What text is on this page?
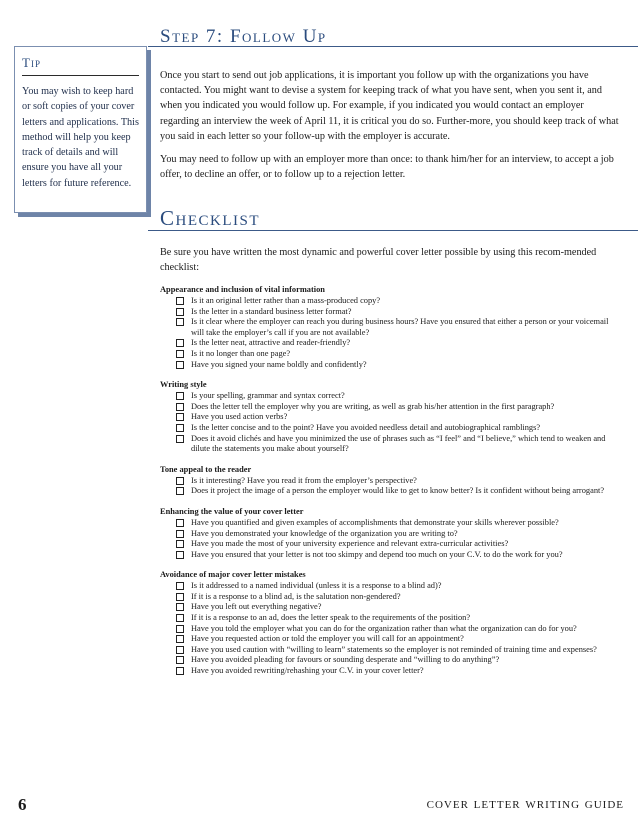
Step 7: Follow Up
Tip
You may wish to keep hard or soft copies of your cover letters and applications. This method will help you keep track of details and will ensure you have all your letters for future reference.

Once you start to send out job applications, it is important you follow up with the organizations you have contacted. You might want to devise a system for keeping track of what you have sent, when you sent it, and when you indicated you would follow up. For example, if you indicated you would contact an employer regarding an interview the week of April 11, it is critical you do so. Further-more, you should keep track of what you said in each letter so your follow-up with the employer is accurate.

You may need to follow up with an employer more than once: to thank him/her for an interview, to accept a job offer, to decline an offer, or to follow up to a rejection letter.

Checklist
Be sure you have written the most dynamic and powerful cover letter possible by using this recom-mended checklist:
Appearance and inclusion of vital information
Is it an original letter rather than a mass-produced copy?
Is the letter in a standard business letter format?
Is it clear where the employer can reach you during business hours? Have you ensured that either a person or your voicemail will take the employer’s call if you are not available?
Is the letter neat, attractive and reader-friendly?
Is it no longer than one page?
Have you signed your name boldly and confidently?
Writing style
Is your spelling, grammar and syntax correct?
Does the letter tell the employer why you are writing, as well as grab his/her attention in the first paragraph?
Have you used action verbs?
Is the letter concise and to the point? Have you avoided needless detail and autobiographical ramblings?
Does it avoid clichés and have you minimized the use of phrases such as “I feel” and “I believe,” which tend to weaken and dilute the statements you make about yourself?
Tone appeal to the reader
Is it interesting? Have you read it from the employer’s perspective?
Does it project the image of a person the employer would like to get to know better? Is it confident without being arrogant?
Enhancing the value of your cover letter
Have you quantified and given examples of accomplishments that demonstrate your skills wherever possible?
Have you demonstrated your knowledge of the organization you are writing to?
Have you made the most of your university experience and relevant extra-curricular activities?
Have you ensured that your letter is not too skimpy and depend too much on your C.V. to do the work for you?
Avoidance of major cover letter mistakes
Is it addressed to a named individual (unless it is a response to a blind ad)?
If it is a response to a blind ad, is the salutation non-gendered?
Have you left out everything negative?
If it is a response to an ad, does the letter speak to the requirements of the position?
Have you told the employer what you can do for the organization rather than what the organization can do for you?
Have you requested action or told the employer you will call for an appointment?
Have you used caution with “willing to learn” statements so the employer is not reminded of training time and expenses?
Have you avoided pleading for favours or sounding desperate and “willing to do anything”?
Have you avoided rewriting/rehashing your C.V. in your cover letter?
6	cover letter writing guide
